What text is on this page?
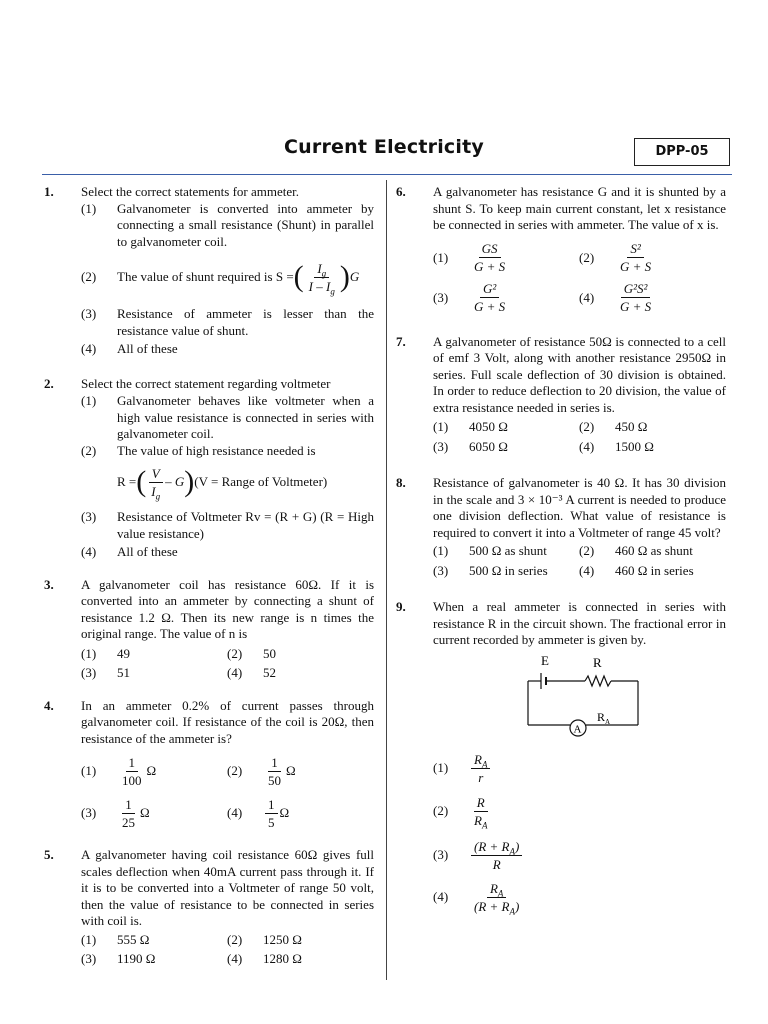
Current Electricity	DPP-05
1. Select the correct statements for ammeter.
(1) Galvanometer is converted into ammeter by connecting a small resistance (Shunt) in parallel to galvanometer coil.
(2) The value of shunt required is S = ( $\frac{I_g}{I - I_g}$ ) G
(3) Resistance of ammeter is lesser than the resistance value of shunt.
(4) All of these
2. Select the correct statement regarding voltmeter
(1) Galvanometer behaves like voltmeter when a high value resistance is connected in series with galvanometer coil.
(2) The value of high resistance needed is
R = ( $\frac{V}{I_g}$ – G ) (V = Range of Voltmeter)
(3) Resistance of Voltmeter Rv = (R + G) (R = High value resistance)
(4) All of these
3. A galvanometer coil has resistance 60Ω. If it is converted into an ammeter by connecting a shunt of resistance 1.2 Ω. Then its new range is n times the original range. The value of n is
(1) 49	(2) 50
(3) 51	(4) 52
4. In an ammeter 0.2% of current passes through galvanometer coil. If resistance of the coil is 20Ω, then resistance of the ammeter is?
$(1) \frac{1}{100}$ Ω	$(2) \frac{1}{50}$ Ω
$(3) \frac{1}{25}$ Ω	$(4) \frac{1}{5}$ Ω
5. A galvanometer having coil resistance 60Ω gives full scales deflection when 40mA current pass through it. If it is to be converted into a Voltmeter of range 50 volt, then the value of resistance to be connected in series with coil is.
(1) 555 Ω	(2) 1250 Ω
(3) 1190 Ω	(4) 1280 Ω
6. A galvanometer has resistance G and it is shunted by a shunt S. To keep main current constant, let x resistance be connected in series with ammeter. The value of x is.
$(1) \frac{GS}{G + S}$	$(2) \frac{\text{S²}}{G + S}$
$(3) \frac{\text{G²}}{G + S}$	$(4) \frac{\text{G²S²}}{G + S}$
7. A galvanometer of resistance 50Ω is connected to a cell of emf 3 Volt, along with another resistance 2950Ω in series. Full scale deflection of 30 division is obtained. In order to reduce deflection to 20 division, the value of extra resistance needed in series is.
(1) 4050 Ω	(2) 450 Ω
(3) 6050 Ω	(4) 1500 Ω
8. Resistance of galvanometer is 40 Ω. It has 30 division in the scale and 3 × 10⁻³ A current is needed to produce one division deflection. What value of resistance is required to convert it into a Voltmeter of range 45 volt?
(1) 500 Ω as shunt	(2) 460 Ω as shunt
(3) 500 Ω in series	(4) 460 Ω in series
9. When a real ammeter is connected in series with resistance R in the circuit shown. The fractional error in current recorded by ammeter is given by.
E	R
A
$R_A$
$(1) \frac{R_A}{r}$
$(2) \frac{R}{R_A}$
$(3) \frac{(R + R_A)}{R}$
$(4) \frac{R_A}{(R + R_A)}$
